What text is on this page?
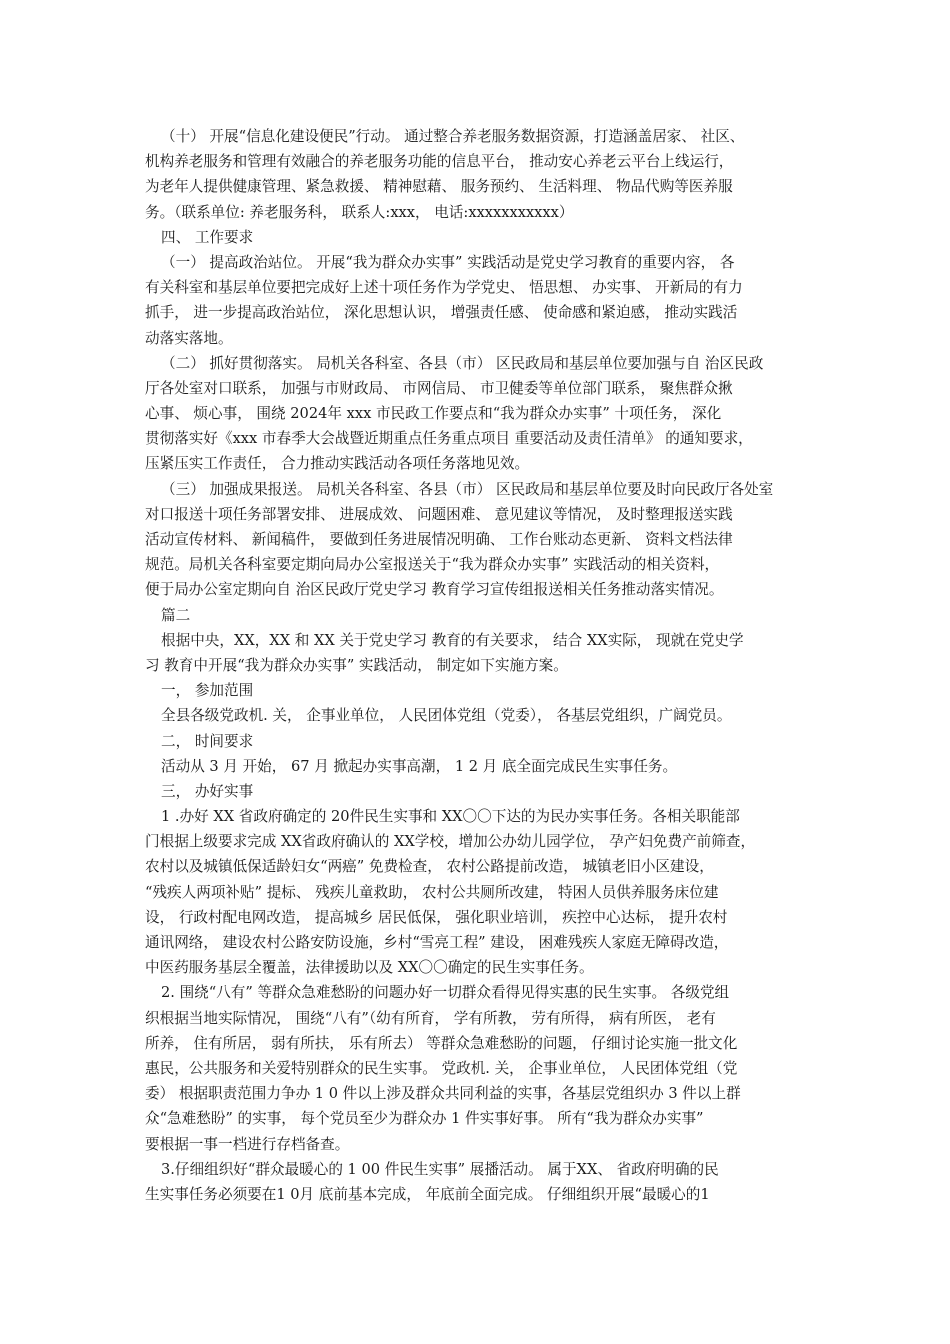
（十） 开展“信息化建设便民”行动。 通过整合养老服务数据资源，打造涵盖居家、 社区、
机构养老服务和管理有效融合的养老服务功能的信息平台， 推动安心养老云平台上线运行，
为老年人提供健康管理、紧急救援、 精神慰藉、 服务预约、 生活料理、 物品代购等医养服
务。（联系单位: 养老服务科， 联系人:xxx， 电话:xxxxxxxxxxx）
四、 工作要求
（一） 提高政治站位。 开展“我为群众办实事” 实践活动是党史学习教育的重要内容， 各
有关科室和基层单位要把完成好上述十项任务作为学党史、 悟思想、 办实事、 开新局的有力
抓手， 进一步提高政治站位， 深化思想认识， 增强责任感、 使命感和紧迫感， 推动实践活
动落实落地。
（二） 抓好贯彻落实。 局机关各科室、各县（市） 区民政局和基层单位要加强与自 治区民政
厅各处室对口联系， 加强与市财政局、 市网信局、 市卫健委等单位部门联系， 聚焦群众揪
心事、 烦心事， 围绕 2024年 xxx 市民政工作要点和“我为群众办实事” 十项任务， 深化
贯彻落实好《xxx 市春季大会战暨近期重点任务重点项目 重要活动及责任清单》 的通知要求，
压紧压实工作责任， 合力推动实践活动各项任务落地见效。
（三） 加强成果报送。 局机关各科室、各县（市） 区民政局和基层单位要及时向民政厅各处室
对口报送十项任务部署安排、 进展成效、 问题困难、 意见建议等情况， 及时整理报送实践
活动宣传材料、 新闻稿件， 要做到任务进展情况明确、 工作台账动态更新、 资料文档法律
规范。局机关各科室要定期向局办公室报送关于“我为群众办实事” 实践活动的相关资料，
便于局办公室定期向自 治区民政厅党史学习 教育学习宣传组报送相关任务推动落实情况。
篇二
根据中央，XX，XX 和 XX 关于党史学习 教育的有关要求， 结合 XX实际， 现就在党史学
习 教育中开展“我为群众办实事” 实践活动， 制定如下实施方案。
一， 参加范围
全县各级党政机. 关， 企事业单位， 人民团体党组（党委）， 各基层党组织，广阔党员。
二， 时间要求
活动从 3 月 开始， 67 月 掀起办实事高潮， 1 2 月 底全面完成民生实事任务。
三， 办好实事
1 .办好 XX 省政府确定的 20件民生实事和 XX〇〇下达的为民办实事任务。各相关职能部
门根据上级要求完成 XX省政府确认的 XX学校，增加公办幼儿园学位， 孕产妇免费产前筛查，
农村以及城镇低保适龄妇女“两癌” 免费检查， 农村公路提前改造， 城镇老旧小区建设，
“残疾人两项补贴” 提标、 残疾儿童救助， 农村公共厕所改建， 特困人员供养服务床位建
设， 行政村配电网改造， 提高城乡 居民低保， 强化职业培训， 疾控中心达标， 提升农村
通讯网络， 建设农村公路安防设施，乡村“雪亮工程” 建设， 困难残疾人家庭无障碍改造，
中医药服务基层全覆盖，法律援助以及 XX〇〇确定的民生实事任务。
2. 围绕“八有” 等群众急难愁盼的问题办好一切群众看得见得实惠的民生实事。 各级党组
织根据当地实际情况， 围绕“八有”（幼有所育， 学有所教， 劳有所得， 病有所医， 老有
所养， 住有所居， 弱有所扶， 乐有所去） 等群众急难愁盼的问题， 仔细讨论实施一批文化
惠民，公共服务和关爱特别群众的民生实事。 党政机. 关， 企事业单位， 人民团体党组（党
委） 根据职责范围力争办 1 0 件以上涉及群众共同利益的实事，各基层党组织办 3 件以上群
众“急难愁盼” 的实事， 每个党员至少为群众办 1 件实事好事。 所有“我为群众办实事”
要根据一事一档进行存档备查。
3.仔细组织好“群众最暖心的 1 00 件民生实事” 展播活动。 属于XX、 省政府明确的民
生实事任务必须要在1 0月 底前基本完成， 年底前全面完成。 仔细组织开展“最暖心的1
